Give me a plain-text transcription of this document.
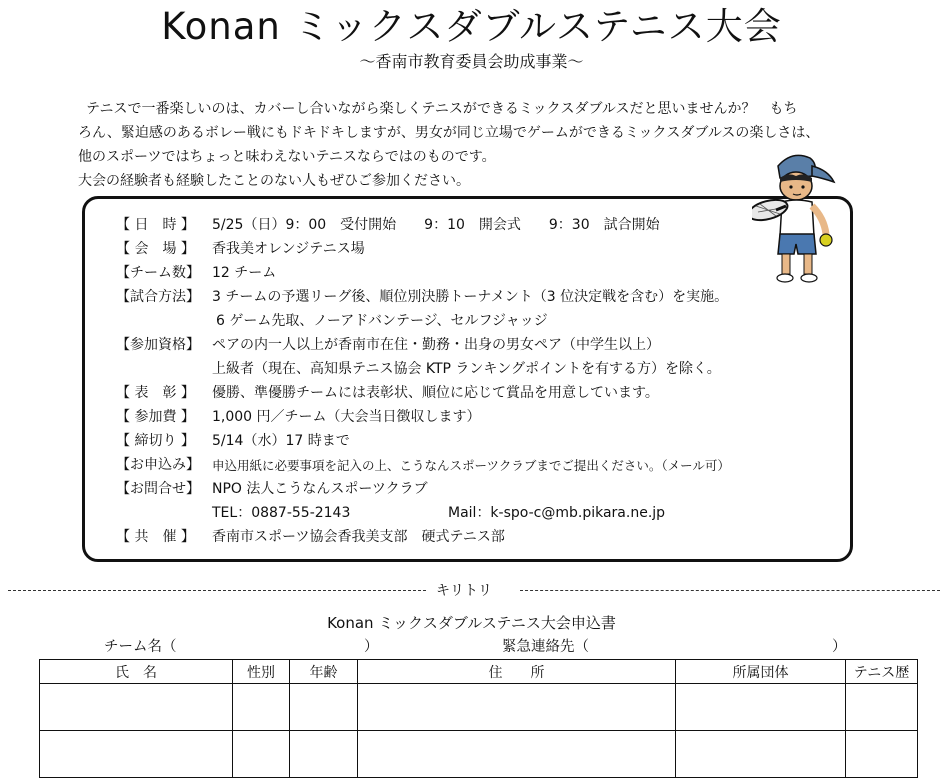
Konan ミックスダブルステニス大会
〜香南市教育委員会助成事業〜
テニスで一番楽しいのは、カバーし合いながら楽しくテニスができるミックスダブルスだと思いませんか？　もち
ろん、緊迫感のあるボレー戦にもドキドキしますが、男女が同じ立場でゲームができるミックスダブルスの楽しさは、
他のスポーツではちょっと味わえないテニスならではのものです。
大会の経験者も経験したことのない人もぜひご参加ください。
【 日　時 】 5/25（日）9：00　受付開始　　9：10　開会式　　9：30　試合開始
【 会　場 】 香我美オレンジテニス場
【チーム数】 12 チーム
【試合方法】 3 チームの予選リーグ後、順位別決勝トーナメント（3 位決定戦を含む）を実施。
6 ゲーム先取、ノーアドバンテージ、セルフジャッジ
【参加資格】 ペアの内一人以上が香南市在住・勤務・出身の男女ペア（中学生以上）
上級者（現在、高知県テニス協会 KTP ランキングポイントを有する方）を除く。
【 表　彰 】 優勝、準優勝チームには表彰状、順位に応じて賞品を用意しています。
【 参加費 】 1,000 円／チーム（大会当日徴収します）
【 締切り 】 5/14（水）17 時まで
【お申込み】 申込用紙に必要事項を記入の上、こうなんスポーツクラブまでご提出ください。（メール可）
【お問合せ】 NPO 法人こうなんスポーツクラブ
TEL：0887-55-2143	Mail：k-spo-c@mb.pikara.ne.jp
【 共　催 】 香南市スポーツ協会香我美支部　硬式テニス部
キリトリ
Konan ミックスダブルステニス大会申込書
チーム名（	）	緊急連絡先（	）
氏　名	性別	年齢	住　　所	所属団体	テニス歴
